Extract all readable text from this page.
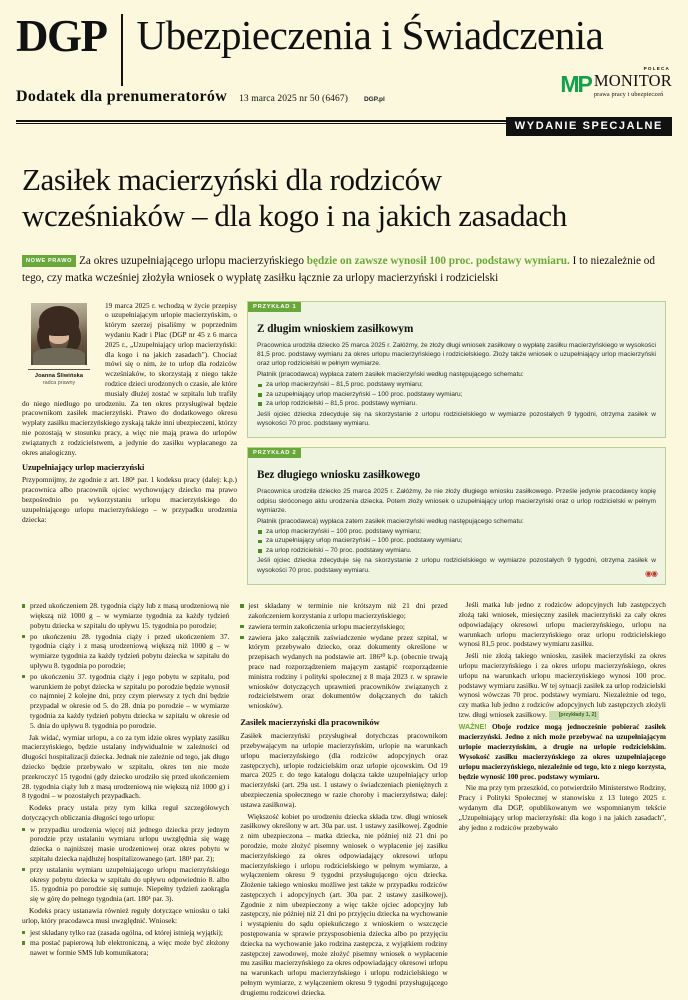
DGP Ubezpieczenia i Świadczenia
Dodatek dla prenumeratorów 13 marca 2025 nr 50 (6467) DGP.pl
POLECA
MP MONITOR
prawa pracy i ubezpieczeń
WYDANIE SPECJALNE
Zasiłek macierzyński dla rodziców
wcześniaków – dla kogo i na jakich zasadach
NOWE PRAWO Za okres uzupełniającego urlopu macierzyńskiego będzie on zawsze wynosił 100 proc. podstawy wymiaru. I to niezależnie od tego, czy matka wcześniej złożyła wniosek o wypłatę zasiłku łącznie za urlopy macierzyński i rodzicielski
Joanna Śliwińska
radca prawny

19 marca 2025 r. wchodzą w życie przepisy o uzupełniającym urlopie macierzyńskim, o którym szerzej pisaliśmy w poprzednim wydaniu Kadr i Płac (DGP nr 45 z 6 marca 2025 r., „Uzupełniający urlop macierzyński: dla kogo i na jakich zasadach"). Chociaż mówi się o nim, że to urlop dla rodziców wcześniaków, to skorzystają z niego także rodzice dzieci urodzonych o czasie, ale które musiały dłużej zostać w szpitalu lub trafiły do niego niedługo po urodzeniu. Za ten okres przysługiwał będzie pracownikom zasiłek macierzyński. Prawo do dodatkowego okresu wypłaty zasiłku macierzyńskiego zyskają także inni ubezpieczeni, którzy nie pozostają w stosunku pracy, a więc nie mają prawa do urlopów związanych z rodzicielstwem, a jedynie do zasiłku wypłacanego za okres analogiczny.

Uzupełniający urlop macierzyński

Przypomnijmy, że zgodnie z art. 180¹ par. 1 kodeksu pracy (dalej: k.p.) pracownica albo pracownik ojciec wychowujący dziecko ma prawo bezpośrednio po wykorzystaniu urlopu macierzyńskiego do uzupełniającego urlopu macierzyńskiego – w przypadku urodzenia dziecka:

PRZYKŁAD 1
Z długim wnioskiem zasiłkowym

Pracownica urodziła dziecko 25 marca 2025 r. Załóżmy, że złoży długi wniosek zasiłkowy o wypłatę zasiłku macierzyńskiego w wysokości 81,5 proc. podstawy wymiaru za okres urlopu macierzyńskiego i rodzicielskiego. Złoży także wniosek o uzupełniający urlop macierzyński oraz urlop rodzicielski w pełnym wymiarze.

Płatnik (pracodawca) wypłaca zatem zasiłek macierzyński według następującego schematu:

za urlop macierzyński – 81,5 proc. podstawy wymiaru;
za uzupełniający urlop macierzyński – 100 proc. podstawy wymiaru;
za urlop rodzicielski – 81,5 proc. podstawy wymiaru.

Jeśli ojciec dziecka zdecyduje się na skorzystanie z urlopu rodzicielskiego w wymiarze pozostałych 9 tygodni, otrzyma zasiłek w wysokości 70 proc. podstawy wymiaru.

PRZYKŁAD 2
Bez długiego wniosku zasiłkowego

Pracownica urodziła dziecko 25 marca 2025 r. Załóżmy, że nie złoży długiego wniosku zasiłkowego. Prześle jedynie pracodawcy kopię odpisu skróconego aktu urodzenia dziecka. Potem złoży wniosek o uzupełniający urlop macierzyński oraz o urlop rodzicielski w pełnym wymiarze.

Płatnik (pracodawca) wypłaca zatem zasiłek macierzyński według następującego schematu:

za urlop macierzyński – 100 proc. podstawy wymiaru;
za uzupełniający urlop macierzyński – 100 proc. podstawy wymiaru;
za urlop rodzicielski – 70 proc. podstawy wymiaru.

Jeśli ojciec dziecka zdecyduje się na skorzystanie z urlopu rodzicielskiego w wymiarze pozostałych 9 tygodni, otrzyma zasiłek w wysokości 70 proc. podstawy wymiaru.	◉◉
przed ukończeniem 28. tygodnia ciąży lub z masą urodzeniową nie większą niż 1000 g – w wymiarze tygodnia za każdy tydzień pobytu dziecka w szpitalu do upływu 15. tygodnia po porodzie;
po ukończeniu 28. tygodnia ciąży i przed ukończeniem 37. tygodnia ciąży i z masą urodzeniową większą niż 1000 g – w wymiarze tygodnia za każdy tydzień pobytu dziecka w szpitalu do upływu 8. tygodnia po porodzie;
po ukończeniu 37. tygodnia ciąży i jego pobytu w szpitalu, pod warunkiem że pobyt dziecka w szpitalu po porodzie będzie wynosił co najmniej 2 kolejne dni, przy czym pierwszy z tych dni będzie przypadał w okresie od 5. do 28. dnia po porodzie – w wymiarze tygodnia za każdy tydzień pobytu dziecka w szpitalu w okresie od 5. dnia do upływu 8. tygodnia po porodzie.

Jak widać, wymiar urlopu, a co za tym idzie okres wypłaty zasiłku macierzyńskiego, będzie ustalany indywidualnie w zależności od długości hospitalizacji dziecka. Jednak nie zależnie od tego, jak długo dziecko będzie przebywało w szpitalu, okres ten nie może przekroczyć 15 tygodni (gdy dziecko urodziło się przed ukończeniem 28. tygodnia ciąży lub z masą urodzeniową nie większą niż 1000 g) i 8 tygodni – w pozostałych przypadkach.

Kodeks pracy ustala przy tym kilka reguł szczegółowych dotyczących obliczania długości tego urlopu:

w przypadku urodzenia więcej niż jednego dziecka przy jednym porodzie przy ustalaniu wymiaru urlopu uwzględnia się wagę dziecka o najniższej masie urodzeniowej oraz okres pobytu w szpitalu dziecka najdłużej hospitalizowanego (art. 180¹ par. 2);
przy ustalaniu wymiaru uzupełniającego urlopu macierzyńskiego okresy pobytu dziecka w szpitalu do upływu odpowiednio 8. albo 15. tygodnia po porodzie się sumuje. Niepełny tydzień zaokrągla się w górę do pełnego tygodnia (art. 180¹ par. 3).

Kodeks pracy ustanawia również reguły dotyczące wniosku o taki urlop, który pracodawca musi uwzględnić. Wniosek:

jest składany tylko raz (zasada ogólna, od której istnieją wyjątki);
ma postać papierową lub elektroniczną, a więc może być złożony nawet w formie SMS lub komunikatora;
jest składany w terminie nie krótszym niż 21 dni przed zakończeniem korzystania z urlopu macierzyńskiego;
zawiera termin zakończenia urlopu macierzyńskiego;
zawiera jako załącznik zaświadczenie wydane przez szpital, w którym przebywało dziecko, oraz dokumenty określone w przepisach wydanych na podstawie art. 186³⁰ k.p. (obecnie trwają prace nad rozporządzeniem mającym zastąpić rozporządzenie ministra rodziny i polityki społecznej z 8 maja 2023 r. w sprawie wniosków dotyczących uprawnień pracowników związanych z rodzicielstwem oraz dokumentów dołączanych do takich wniosków).
Zasiłek macierzyński dla pracowników

Zasiłek macierzyński przysługiwał dotychczas pracownikom przebywającym na urlopie macierzyńskim, urlopie na warunkach urlopu macierzyńskiego (dla rodziców adopcyjnych oraz zastępczych), urlopie rodzicielskim oraz urlopie ojcowskim. Od 19 marca 2025 r. do tego katalogu dołącza także uzupełniający urlop macierzyński (art. 29a ust. 1 ustawy o świadczeniach pieniężnych z ubezpieczenia społecznego w razie choroby i macierzyństwa; dalej: ustawa zasiłkowa).

Większość kobiet po urodzeniu dziecka składa tzw. długi wniosek zasiłkowy określony w art. 30a par. ust. 1 ustawy zasiłkowej. Zgodnie z nim ubezpieczona – matka dziecka, nie później niż 21 dni po porodzie, może złożyć pisemny wniosek o wypłacenie jej zasiłku macierzyńskiego za okres odpowiadający okresowi urlopu macierzyńskiego i urlopu rodzicielskiego w pełnym wymiarze, a wyłączeniem okresu 9 tygodni przysługującego ojcu dziecka. Złożenie takiego wniosku możliwe jest także w przypadku rodziców zastępczych i adopcyjnych (art. 30a par. 2 ustawy zasiłkowej). Zgodnie z nim ubezpieczony a więc także ojciec adopcyjny lub zastępczy, nie później niż 21 dni po przyjęciu dziecka na wychowanie i wystąpieniu do sądu opiekuńczego z wnioskiem o wszczęcie postępowania w sprawie przysposobienia dziecka albo po przyjęciu dziecka na wychowanie jako rodzina zastępcza, z wyjątkiem rodziny zastępczej zawodowej, może złożyć pisemny wniosek o wypłacenie mu zasiłku macierzyńskiego za okres odpowiadający okresowi urlopu na warunkach urlopu macierzyńskiego i urlopu rodzicielskiego w pełnym wymiarze, z wyłączeniem okresu 9 tygodni przysługującego drugiemu rodzicowi dziecka.

Jeśli matka lub jedno z rodziców adopcyjnych lub zastępczych złożą taki wniosek, miesięczny zasiłek macierzyński za cały okres odpowiadający okresowi urlopu macierzyńskiego, urlopu na warunkach urlopu macierzyńskiego oraz urlopu rodzicielskiego wynosi 81,5 proc. podstawy wymiaru zasiłku.

Jeśli nie złożą takiego wniosku, zasiłek macierzyński za okres urlopu macierzyńskiego i za okres urlopu macierzyńskiego, okres urlopu na warunkach urlopu macierzyńskiego wynosi 100 proc. podstawy wymiaru zasiłku. W tej sytuacji zasiłek za urlop rodzicielski wynosi wówczas 70 proc. podstawy wymiaru. Niezależnie od tego, czy matka lub jedno z rodziców adopcyjnych lub zastępczych złożyli tzw. długi wniosek zasiłkowy. [przykłady 1, 2]

WAŻNE! Oboje rodzice mogą jednocześnie pobierać zasiłek macierzyński. Jedno z nich może przebywać na uzupełniającym urlopie macierzyńskim, a drugie na urlopie rodzicielskim. Wysokość zasiłku macierzyńskiego za okres uzupełniającego urlopu macierzyńskiego, niezależnie od tego, kto z niego korzysta, będzie wynosić 100 proc. podstawy wymiaru.

Nie ma przy tym przeszkód, co potwierdziło Ministerstwo Rodziny, Pracy i Polityki Społecznej w stanowisku z 13 lutego 2025 r. wydanym dla DGP, opublikowanym we wspomnianym tekście „Uzupełniający urlop macierzyński: dla kogo i na jakich zasadach", aby jedno z rodziców przebywało
